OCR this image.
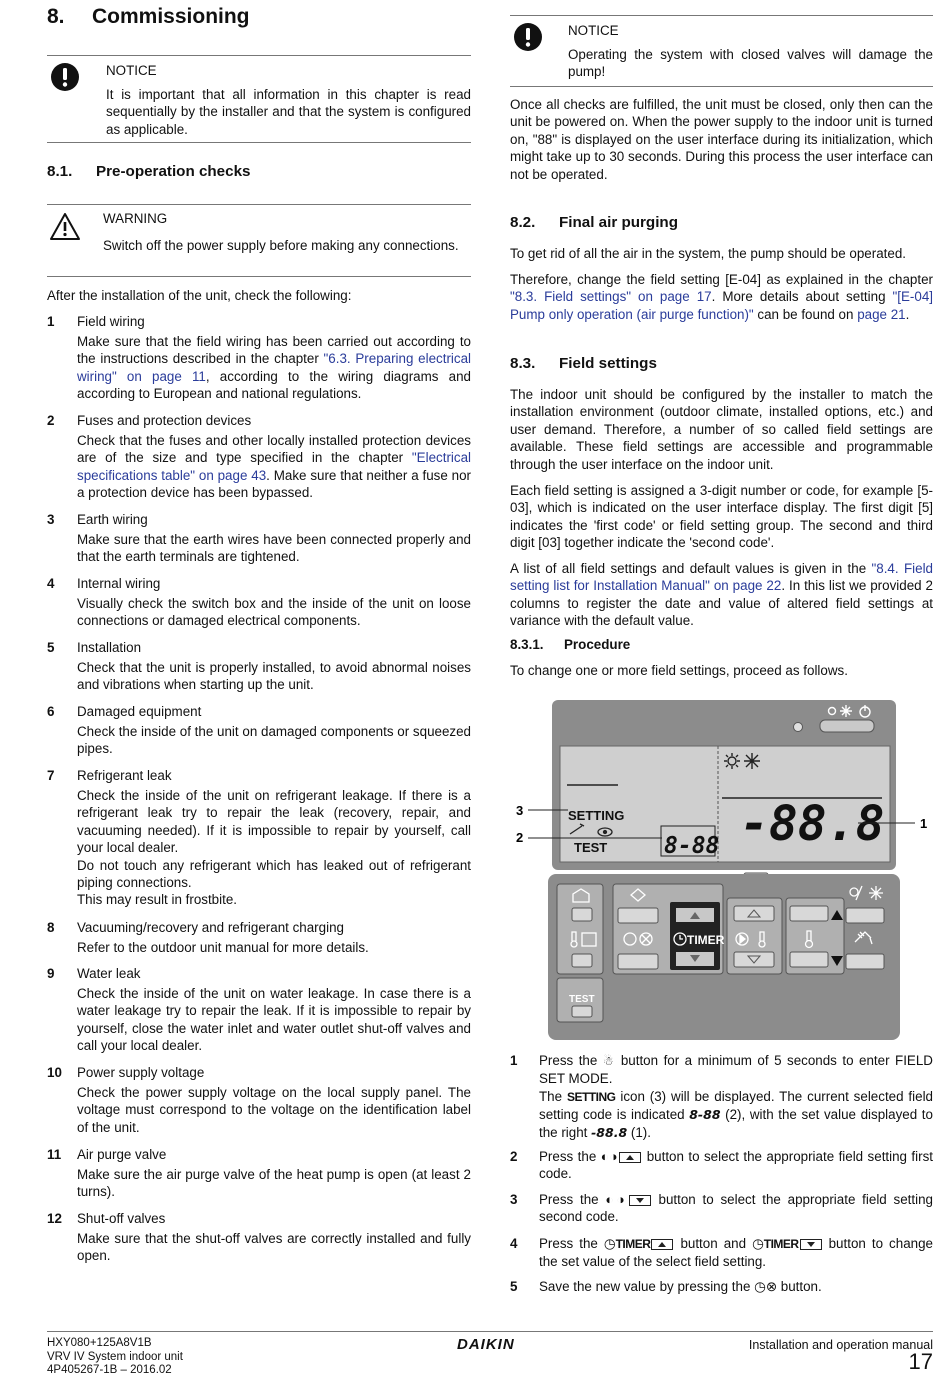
8. Commissioning
NOTICE
It is important that all information in this chapter is read sequentially by the installer and that the system is configured as applicable.
8.1. Pre-operation checks
WARNING
Switch off the power supply before making any connections.
After the installation of the unit, check the following:
1 Field wiring
Make sure that the field wiring has been carried out according to the instructions described in the chapter "6.3. Preparing electrical wiring" on page 11, according to the wiring diagrams and according to European and national regulations.
2 Fuses and protection devices
Check that the fuses and other locally installed protection devices are of the size and type specified in the chapter "Electrical specifications table" on page 43. Make sure that neither a fuse nor a protection device has been bypassed.
3 Earth wiring
Make sure that the earth wires have been connected properly and that the earth terminals are tightened.
4 Internal wiring
Visually check the switch box and the inside of the unit on loose connections or damaged electrical components.
5 Installation
Check that the unit is properly installed, to avoid abnormal noises and vibrations when starting up the unit.
6 Damaged equipment
Check the inside of the unit on damaged components or squeezed pipes.
7 Refrigerant leak
Check the inside of the unit on refrigerant leakage. If there is a refrigerant leak try to repair the leak (recovery, repair, and vacuuming needed). If it is impossible to repair by yourself, call your local dealer.
Do not touch any refrigerant which has leaked out of refrigerant piping connections.
This may result in frostbite.
8 Vacuuming/recovery and refrigerant charging
Refer to the outdoor unit manual for more details.
9 Water leak
Check the inside of the unit on water leakage. In case there is a water leakage try to repair the leak. If it is impossible to repair by yourself, close the water inlet and water outlet shut-off valves and call your local dealer.
10 Power supply voltage
Check the power supply voltage on the local supply panel. The voltage must correspond to the voltage on the identification label of the unit.
11 Air purge valve
Make sure the air purge valve of the heat pump is open (at least 2 turns).
12 Shut-off valves
Make sure that the shut-off valves are correctly installed and fully open.
NOTICE
Operating the system with closed valves will damage the pump!
Once all checks are fulfilled, the unit must be closed, only then can the unit be powered on. When the power supply to the indoor unit is turned on, "88" is displayed on the user interface during its initialization, which might take up to 30 seconds. During this process the user interface can not be operated.
8.2. Final air purging
To get rid of all the air in the system, the pump should be operated.
Therefore, change the field setting [E-04] as explained in the chapter "8.3. Field settings" on page 17. More details about setting "[E-04] Pump only operation (air purge function)" can be found on page 21.
8.3. Field settings
The indoor unit should be configured by the installer to match the installation environment (outdoor climate, installed options, etc.) and user demand. Therefore, a number of so called field settings are available. These field settings are accessible and programmable through the user interface on the indoor unit.
Each field setting is assigned a 3-digit number or code, for example [5-03], which is indicated on the user interface display. The first digit [5] indicates the 'first code' or field setting group. The second and third digit [03] together indicate the 'second code'.
A list of all field settings and default values is given in the "8.4. Field setting list for Installation Manual" on page 22. In this list we provided 2 columns to register the date and value of altered field settings at variance with the default value.
8.3.1. Procedure
To change one or more field settings, proceed as follows.
1 Press the ☃ button for a minimum of 5 seconds to enter FIELD SET MODE.
The SETTING icon (3) will be displayed. The current selected field setting code is indicated 8-88 (2), with the set value displayed to the right -88.8 (1).
2 Press the ◐◑ button to select the appropriate field setting first code.
3 Press the ◐◑ button to select the appropriate field setting second code.
4 Press the ◷TIMER button and ◷TIMER button to change the set value of the select field setting.
5 Save the new value by pressing the ◷⊗ button.
SETTING
TEST 8-88 -88.8
3
2
1
TEST
TIMER
HXY080+125A8V1B
VRV IV System indoor unit
4P405267-1B – 2016.02
DAIKIN	Installation and operation manual
17
